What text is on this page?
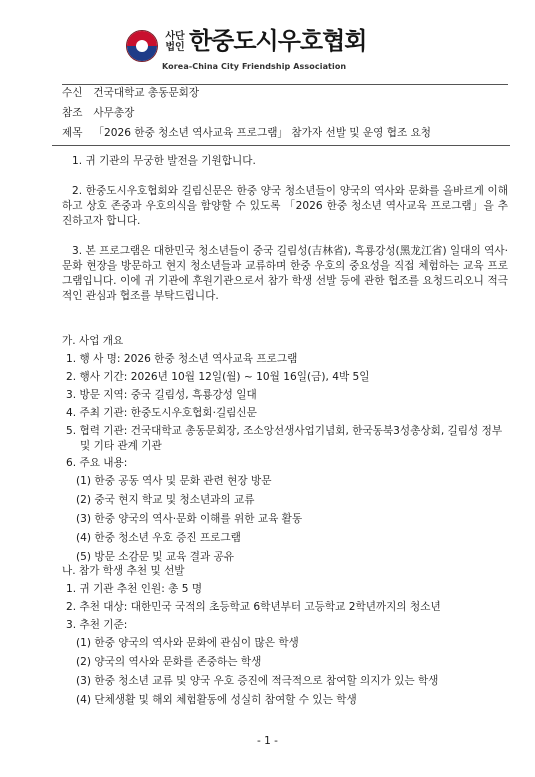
사단
법인 한중도시우호협회
Korea-China City Friendship Association
수신 건국대학교 총동문회장
참조 사무총장
제목 「2026 한중 청소년 역사교육 프로그램」 참가자 선발 및 운영 협조 요청
1. 귀 기관의 무궁한 발전을 기원합니다.
2. 한중도시우호협회와 길림신문은 한중 양국 청소년들이 양국의 역사와 문화를 올바르게 이해하고 상호 존중과 우호의식을 함양할 수 있도록 「2026 한중 청소년 역사교육 프로그램」을 추진하고자 합니다.
3. 본 프로그램은 대한민국 청소년들이 중국 길림성(吉林省), 흑룡강성(黑龙江省) 일대의 역사·문화 현장을 방문하고 현지 청소년들과 교류하며 한중 우호의 중요성을 직접 체험하는 교육 프로그램입니다. 이에 귀 기관에 후원기관으로서 참가 학생 선발 등에 관한 협조를 요청드리오니 적극적인 관심과 협조를 부탁드립니다.
가. 사업 개요
1. 행 사 명: 2026 한중 청소년 역사교육 프로그램
2. 행사 기간: 2026년 10월 12일(월) ~ 10월 16일(금), 4박 5일
3. 방문 지역: 중국 길림성, 흑룡강성 일대
4. 주최 기관: 한중도시우호협회·길림신문
5. 협력 기관: 건국대학교 총동문회장, 조소앙선생사업기념회, 한국동북3성총상회, 길림성 정부 및 기타 관계 기관
6. 주요 내용:
(1) 한중 공동 역사 및 문화 관련 현장 방문
(2) 중국 현지 학교 및 청소년과의 교류
(3) 한중 양국의 역사·문화 이해를 위한 교육 활동
(4) 한중 청소년 우호 증진 프로그램
(5) 방문 소감문 및 교육 결과 공유
나. 참가 학생 추천 및 선발
1. 귀 기관 추천 인원: 총 5 명
2. 추천 대상: 대한민국 국적의 초등학교 6학년부터 고등학교 2학년까지의 청소년
3. 추천 기준:
(1) 한중 양국의 역사와 문화에 관심이 많은 학생
(2) 양국의 역사와 문화를 존중하는 학생
(3) 한중 청소년 교류 및 양국 우호 증진에 적극적으로 참여할 의지가 있는 학생
(4) 단체생활 및 해외 체험활동에 성실히 참여할 수 있는 학생
- 1 -
